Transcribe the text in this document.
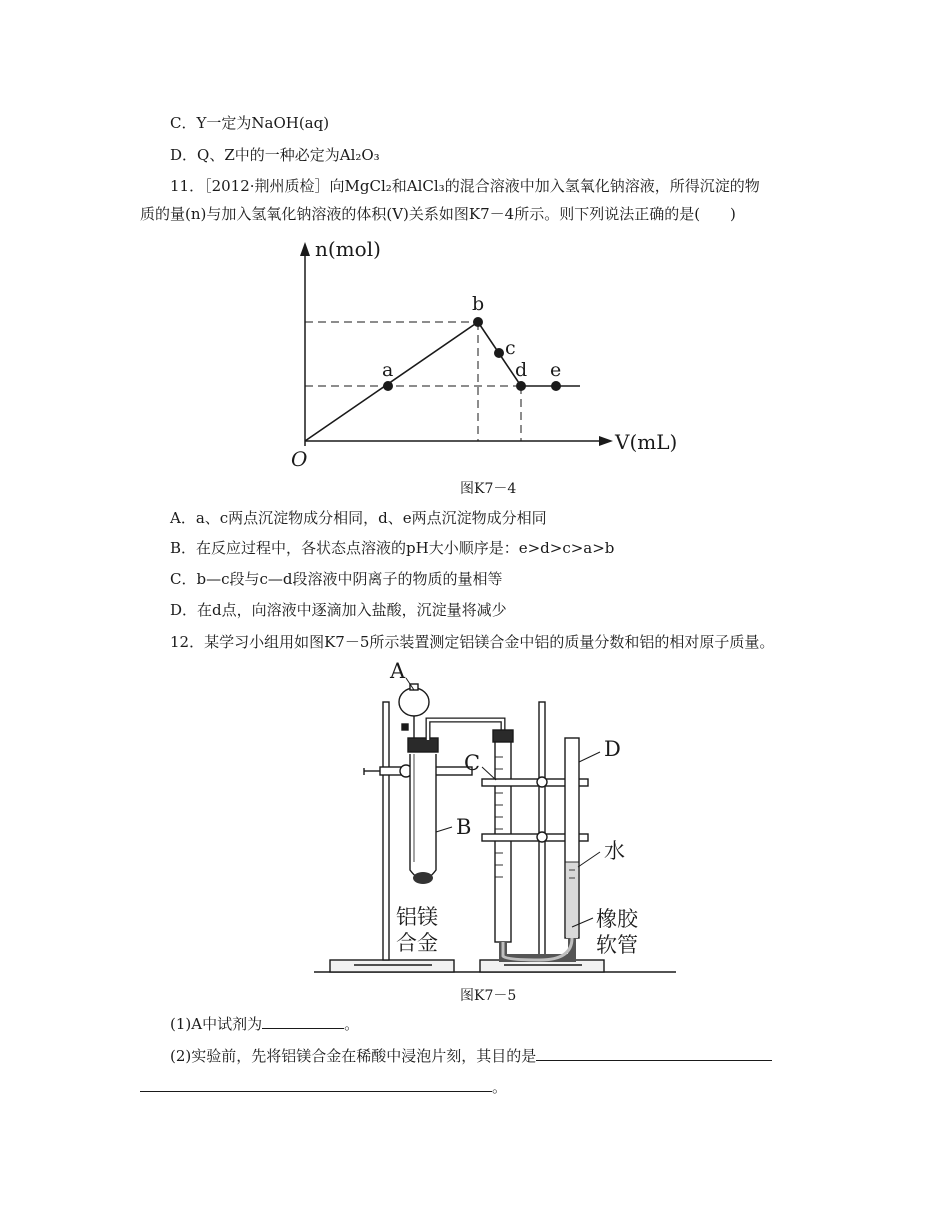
C．Y一定为NaOH(aq)
D．Q、Z中的一种必定为Al₂O₃
11．［2012·荆州质检］向MgCl₂和AlCl₃的混合溶液中加入氢氧化钠溶液，所得沉淀的物
质的量(n)与加入氢氧化钠溶液的体积(V)关系如图K7－4所示。则下列说法正确的是(　　)
a
b
c
d e
O
n(mol)
V(mL)
图K7－4
A．a、c两点沉淀物成分相同，d、e两点沉淀物成分相同
B．在反应过程中，各状态点溶液的pH大小顺序是：e>d>c>a>b
C．b—c段与c—d段溶液中阴离子的物质的量相等
D．在d点，向溶液中逐滴加入盐酸，沉淀量将减少
12．某学习小组用如图K7－5所示装置测定铝镁合金中铝的质量分数和铝的相对原子质量。
A
B
C
D
水
铝镁
合金
橡胶
软管
图K7－5
(1)A中试剂为	。
(2)实验前，先将铝镁合金在稀酸中浸泡片刻，其目的是
。
